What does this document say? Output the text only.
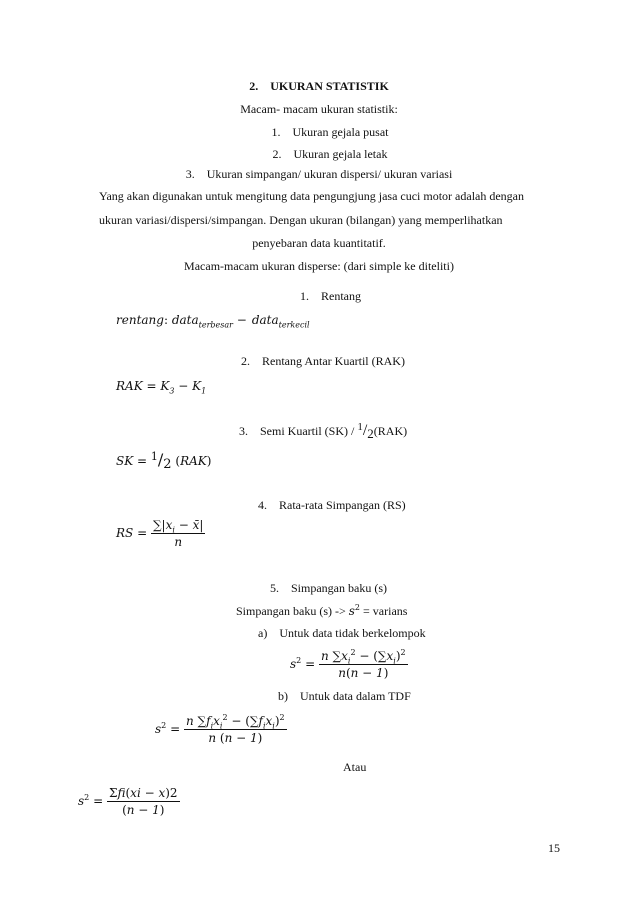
2. UKURAN STATISTIK
Macam- macam ukuran statistik:
1. Ukuran gejala pusat
2. Ukuran gejala letak
3. Ukuran simpangan/ ukuran dispersi/ ukuran variasi
Yang akan digunakan untuk mengitung data pengungjung jasa cuci motor adalah dengan
ukuran variasi/dispersi/simpangan. Dengan ukuran (bilangan) yang memperlihatkan
penyebaran data kuantitatif.
Macam-macam ukuran disperse: (dari simple ke diteliti)
1. Rentang
rentang: data$_{terbesar}$ −  data$_{terkecil}$
2. Rentang Antar Kuartil (RAK)
RAK = $K_3 - K_1$
3. Semi Kuartil (SK) / 1/2(RAK)
SK = 1/2 (RAK)
4. Rata-rata Simpangan (RS)
RS = $\frac{\sum|x_i - x̄|}{n}$
5. Simpangan baku (s)
Simpangan baku $(s) -> s^2$ = varians
a) Untuk data tidak berkelompok
$s^2 = \frac{n \sum x_i^2 - (\sum x_i)^2}{n(n - 1)}$
b) Untuk data dalam TDF
$s^2 = \frac{n \sum f_ix_i^2 - (\sum f_ix_i)^2}{n (n - 1)}$
Atau
$s^2 = \frac{\text{Σfi(xi − x)2}}{(n - 1)}$
15
